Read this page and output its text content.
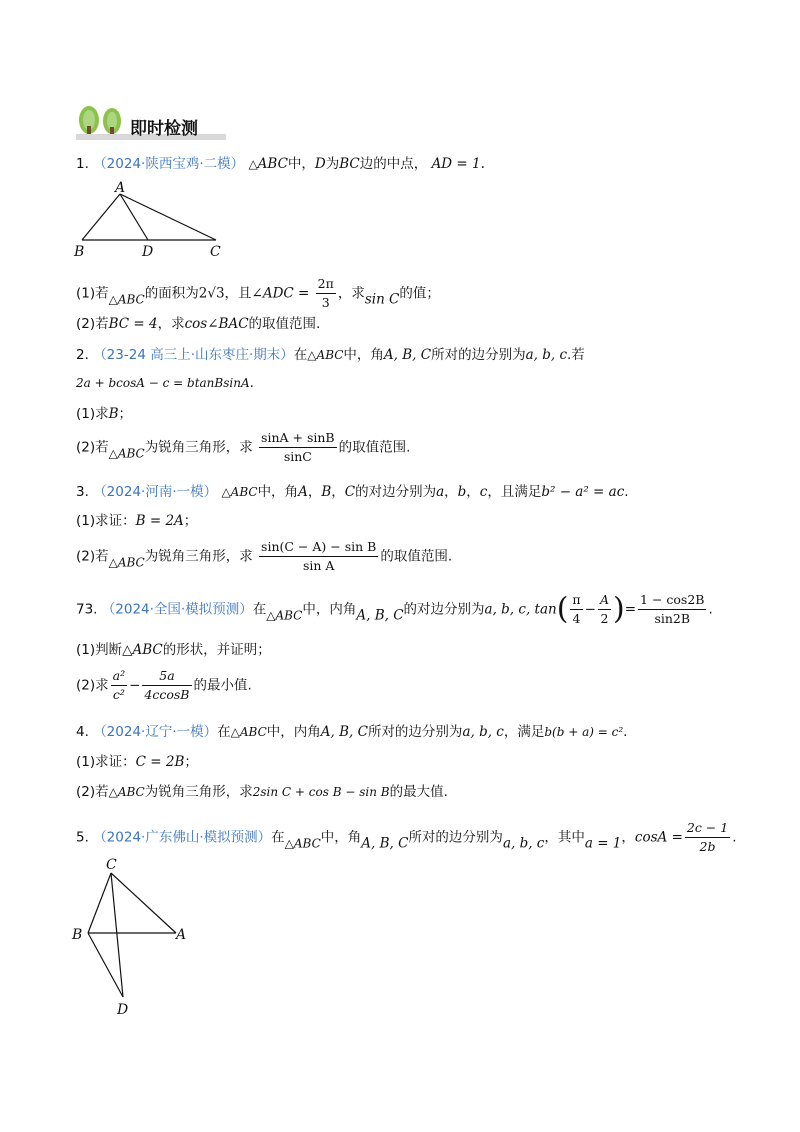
即时检测
1. （2024·陕西宝鸡·二模） △ABC中，D为BC边的中点， AD = 1.
A
B	D	C
(1)若△ABC的面积为2√3，且∠ADC = $\frac{2\pi}{3}$ ，求sin C的值；
(2)若BC = 4，求cos∠BAC的取值范围.
2. （23-24 高三上·山东枣庄·期末）在△ABC中，角A, B, C所对的边分别为a, b, c.若
2a + bcosA − c = btanBsinA.
(1)求B；
(2)若△ABC为锐角三角形，求 $\frac{\sin A + \sin B}{\sin C}$ 的取值范围.
3. （2024·河南·一模） △ABC中，角A，B，C的对边分别为a，b，c，且满足b² − a² = ac.
(1)求证：B = 2A；
(2)若△ABC为锐角三角形，求 $\frac{\text{sin(C − A) − sin B}}{\text{sin A}}$ 的取值范围.
73. （2024·全国·模拟预测）在△ABC中，内角A, B, C的对边分别为a, b, c, $\tan( \frac{\pi}{4} - \frac{A}{2}$ )= $\frac{1 - \cos 2B}{\sin 2B}$ .
(1)判断△ABC的形状，并证明；
(2)求 $\frac{\text{a²}}{\text{c²}} - \frac{5a}{4ccosB}$ 的最小值.
4. （2024·辽宁·一模）在△ABC中，内角A, B, C所对的边分别为a, b, c，满足b(b + a) = c².
(1)求证：C = 2B；
(2)若△ABC为锐角三角形，求2sin C + cos B − sin B的最大值.
5. （2024·广东佛山·模拟预测）在△ABC中，角A, B, C所对的边分别为a, b, c，其中a = 1，$\cos A = \frac{2c - 1}{2b}$ .
C
B	A
D
